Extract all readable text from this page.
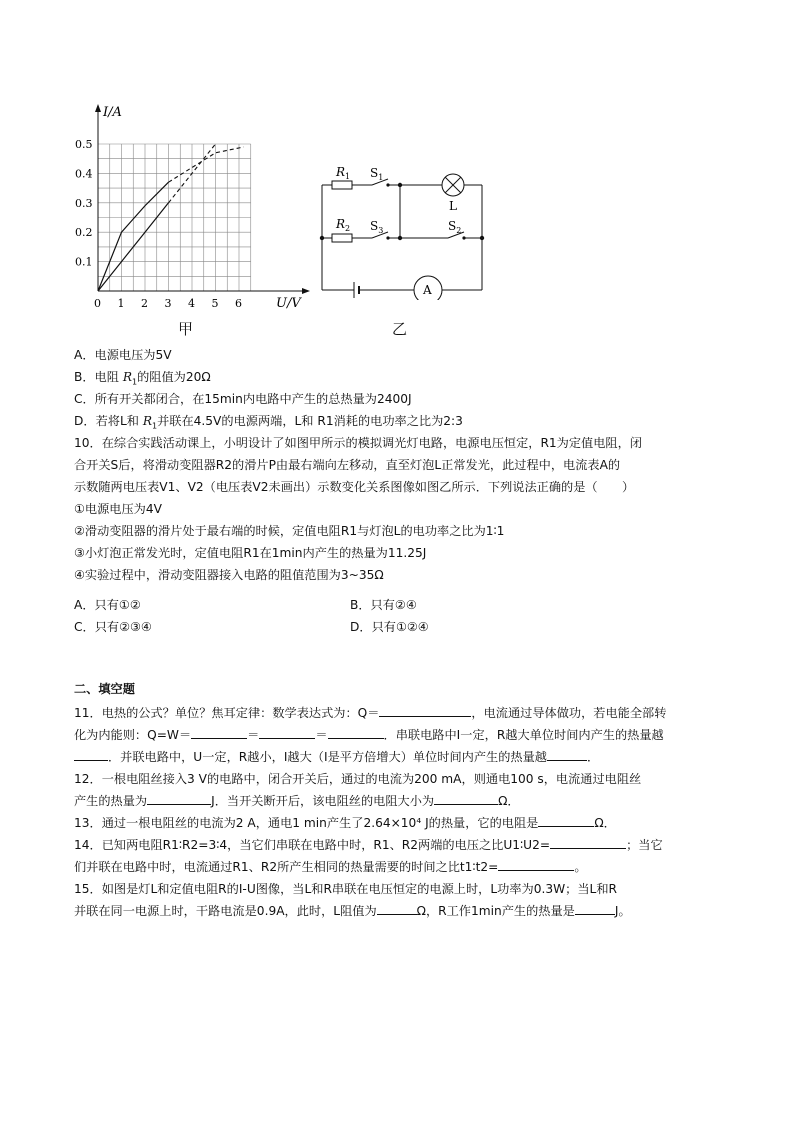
0.5
0.4
0.3
0.2
0.1
0 1 2 3 4 5 6
I/A
U/V
甲
$R_1$ $S_1$
$R_2$ $S_3$	$S_2$
L
A
乙
A．电源电压为5V
B．电阻 $R_1$的阻值为20Ω
C．所有开关都闭合，在15min内电路中产生的总热量为2400J
D．若将L和 $R_1$并联在4.5V的电源两端，L和 R1消耗的电功率之比为2:3
10．在综合实践活动课上，小明设计了如图甲所示的模拟调光灯电路，电源电压恒定，R1为定值电阻，闭
合开关S后，将滑动变阻器R2的滑片P由最右端向左移动，直至灯泡L正常发光，此过程中，电流表A的
示数随两电压表V1、V2（电压表V2未画出）示数变化关系图像如图乙所示．下列说法正确的是（　　）
①电源电压为4V
②滑动变阻器的滑片处于最右端的时候，定值电阻R1与灯泡L的电功率之比为1∶1
③小灯泡正常发光时，定值电阻R1在1min内产生的热量为11.25J
④实验过程中，滑动变阻器接入电路的阻值范围为3~35Ω
A．只有①②	B．只有②④
C．只有②③④	D．只有①②④
二、填空题
11．电热的公式？单位？焦耳定律：数学表达式为：Q＝	，电流通过导体做功，若电能全部转
化为内能则：Q=W＝	＝	＝	．串联电路中I一定，R越大单位时间内产生的热量越
．并联电路中，U一定，R越小，I越大（I是平方倍增大）单位时间内产生的热量越	．
12．一根电阻丝接入3 V的电路中，闭合开关后，通过的电流为200 mA，则通电100 s，电流通过电阻丝
产生的热量为	J．当开关断开后，该电阻丝的电阻大小为	Ω．
13．通过一根电阻丝的电流为2 A，通电1 min产生了2.64×10⁴ J的热量，它的电阻是	Ω．
14．已知两电阻R1∶R2=3∶4，当它们串联在电路中时，R1、R2两端的电压之比U1∶U2=	；当它
们并联在电路中时，电流通过R1、R2所产生相同的热量需要的时间之比t1∶t2=	。
15．如图是灯L和定值电阻R的I-U图像，当L和R串联在电压恒定的电源上时，L功率为0.3W；当L和R
并联在同一电源上时，干路电流是0.9A，此时，L阻值为	Ω，R工作1min产生的热量是	J。
